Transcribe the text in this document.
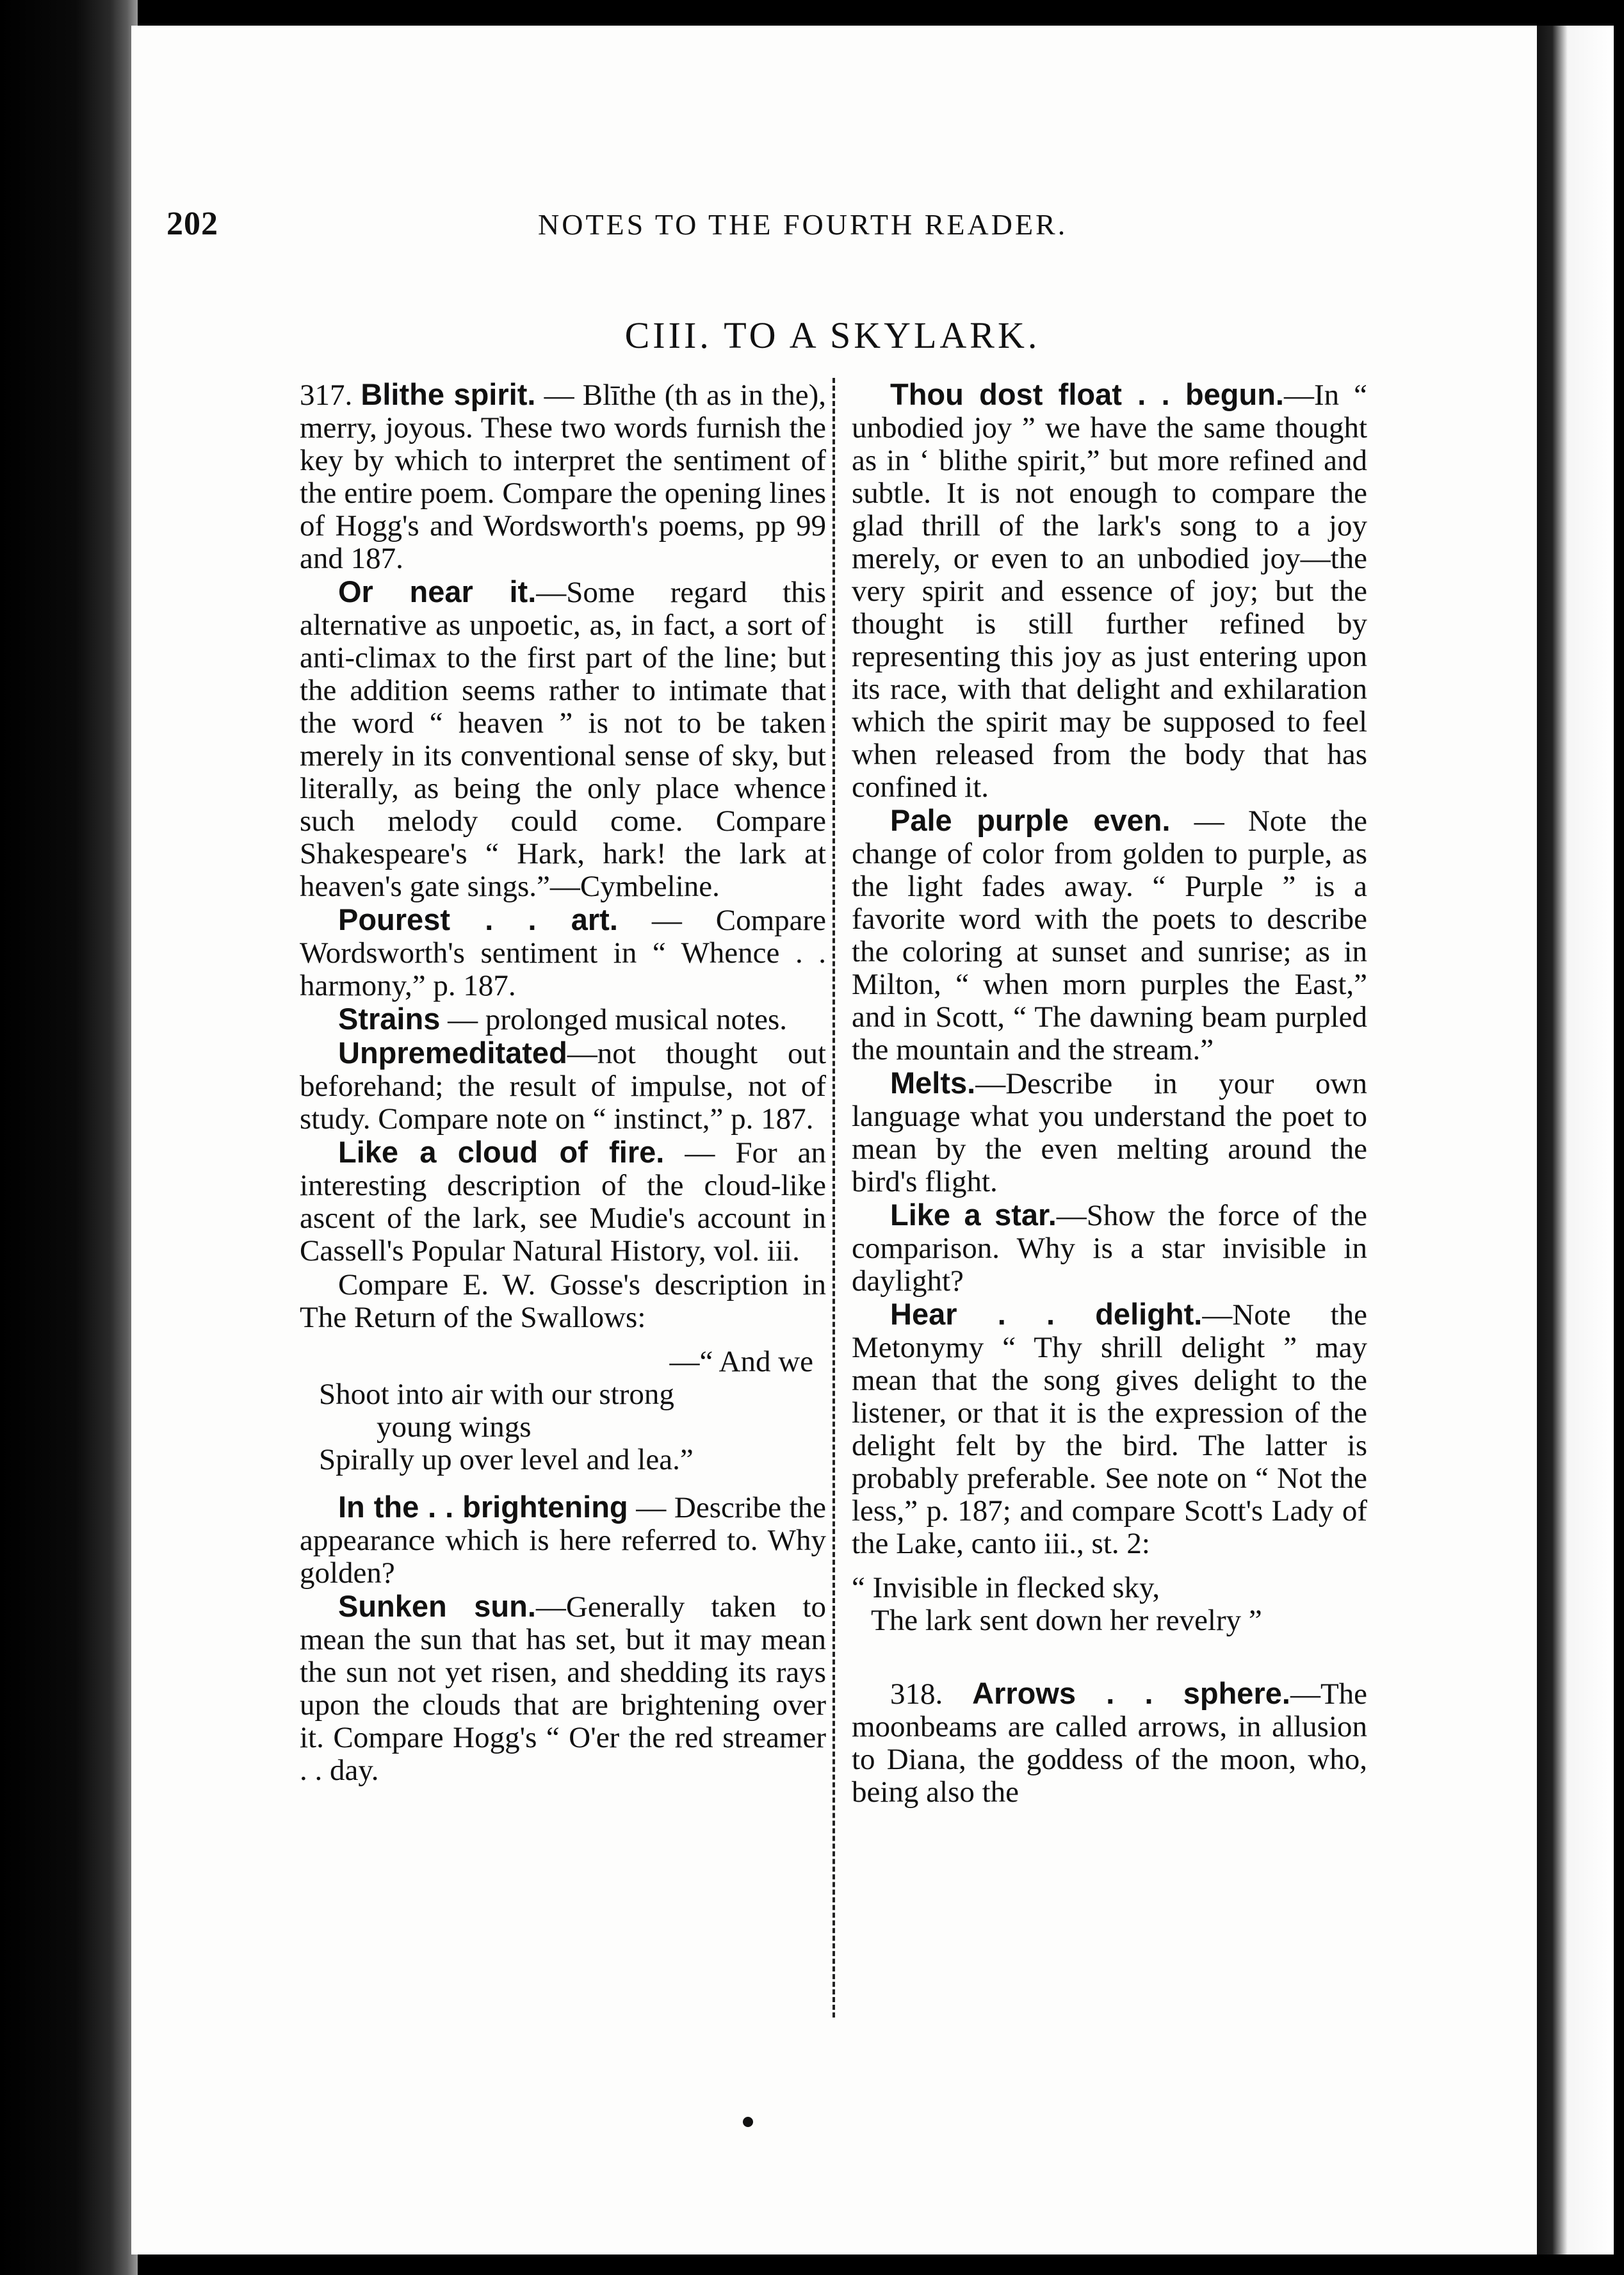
202	NOTES TO THE FOURTH READER.
CIII. TO A SKYLARK.

317. Blithe spirit. — Blīthe (th as in the), merry, joyous. These two words furnish the key by which to interpret the sentiment of the entire poem. Compare the opening lines of Hogg's and Wordsworth's poems, pp 99 and 187.

Or near it.—Some regard this alternative as unpoetic, as, in fact, a sort of anti-climax to the first part of the line; but the addition seems rather to intimate that the word “ heaven ” is not to be taken merely in its conventional sense of sky, but literally, as being the only place whence such melody could come. Compare Shakespeare's “ Hark, hark! the lark at heaven's gate sings.”—Cymbeline.

Pourest . . art. — Compare Wordsworth's sentiment in “ Whence . . harmony,” p. 187.

Strains — prolonged musical notes.

Unpremeditated—not thought out beforehand; the result of impulse, not of study. Compare note on “ instinct,” p. 187.

Like a cloud of fire. — For an interesting description of the cloud-like ascent of the lark, see Mudie's account in Cassell's Popular Natural History, vol. iii.

Compare E. W. Gosse's description in The Return of the Swallows:

—“ And we
Shoot into air with our strong
young wings
Spirally up over level and lea.”

In the . . brightening — Describe the appearance which is here referred to. Why golden?

Sunken sun.—Generally taken to mean the sun that has set, but it may mean the sun not yet risen, and shedding its rays upon the clouds that are brightening over it. Compare Hogg's “ O'er the red streamer . . day.

Thou dost float . . begun.—In “ unbodied joy ” we have the same thought as in ‘ blithe spirit,” but more refined and subtle. It is not enough to compare the glad thrill of the lark's song to a joy merely, or even to an unbodied joy—the very spirit and essence of joy; but the thought is still further refined by representing this joy as just entering upon its race, with that delight and exhilaration which the spirit may be supposed to feel when released from the body that has confined it.

Pale purple even. — Note the change of color from golden to purple, as the light fades away. “ Purple ” is a favorite word with the poets to describe the coloring at sunset and sunrise; as in Milton, “ when morn purples the East,” and in Scott, “ The dawning beam purpled the mountain and the stream.”

Melts.—Describe in your own language what you understand the poet to mean by the even melting around the bird's flight.

Like a star.—Show the force of the comparison. Why is a star invisible in daylight?

Hear . . delight.—Note the Metonymy “ Thy shrill delight ” may mean that the song gives delight to the listener, or that it is the expression of the delight felt by the bird. The latter is probably preferable. See note on “ Not the less,” p. 187; and compare Scott's Lady of the Lake, canto iii., st. 2:

“ Invisible in flecked sky,
The lark sent down her revelry ”

318. Arrows . . sphere.—The moonbeams are called arrows, in allusion to Diana, the goddess of the moon, who, being also the
